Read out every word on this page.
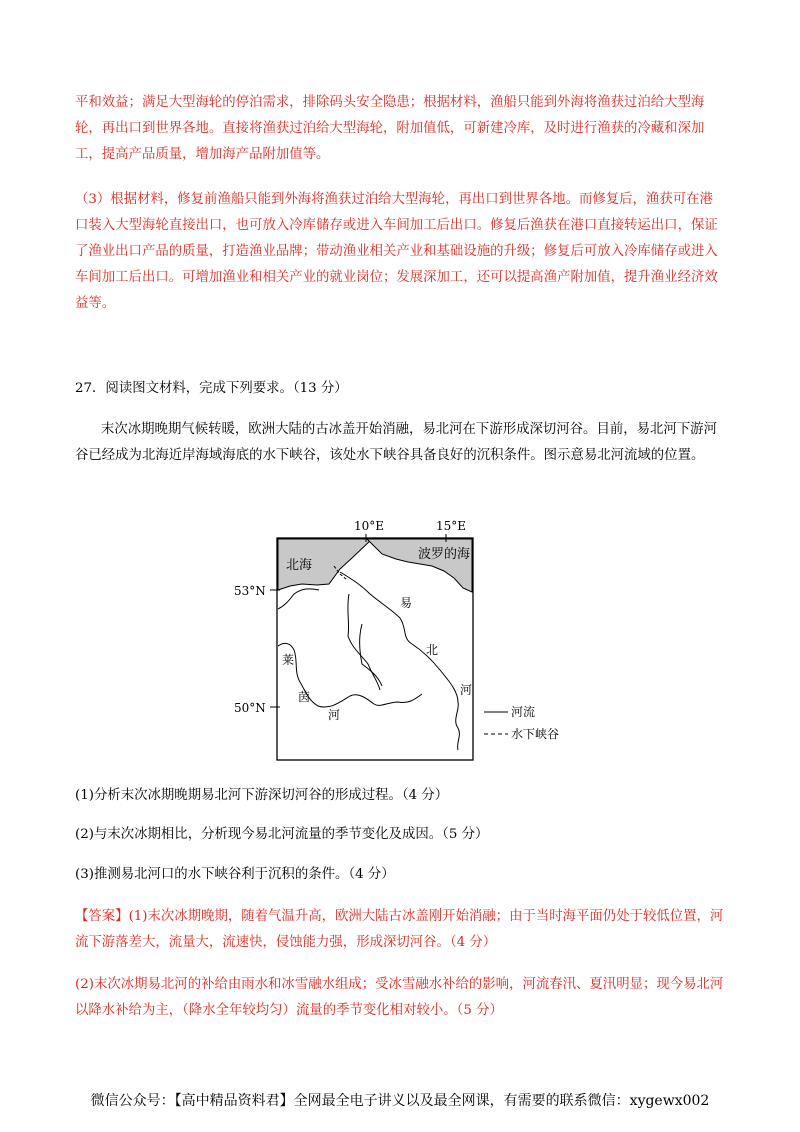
平和效益；满足大型海轮的停泊需求，排除码头安全隐患；根据材料，渔船只能到外海将渔获过泊给大型海轮，再出口到世界各地。直接将渔获过泊给大型海轮，附加值低，可新建冷库，及时进行渔获的冷藏和深加工，提高产品质量，增加海产品附加值等。

（3）根据材料，修复前渔船只能到外海将渔获过泊给大型海轮，再出口到世界各地。而修复后，渔获可在港口装入大型海轮直接出口，也可放入冷库储存或进入车间加工后出口。修复后渔获在港口直接转运出口，保证了渔业出口产品的质量，打造渔业品牌；带动渔业相关产业和基础设施的升级；修复后可放入冷库储存或进入车间加工后出口。可增加渔业和相关产业的就业岗位；发展深加工，还可以提高渔产附加值，提升渔业经济效益等。

27．阅读图文材料，完成下列要求。（13 分）

末次冰期晚期气候转暖，欧洲大陆的古冰盖开始消融，易北河在下游形成深切河谷。目前，易北河下游河谷已经成为北海近岸海域海底的水下峡谷，该处水下峡谷具备良好的沉积条件。图示意易北河流域的位置。

10°E	15°E
53°N
50°N
北海
波罗的海
易
北
河
莱
茵
河	河流
水下峡谷

(1)分析末次冰期晚期易北河下游深切河谷的形成过程。（4 分）

(2)与末次冰期相比，分析现今易北河流量的季节变化及成因。（5 分）

(3)推测易北河口的水下峡谷利于沉积的条件。（4 分）

【答案】(1)末次冰期晚期，随着气温升高，欧洲大陆古冰盖刚开始消融；由于当时海平面仍处于较低位置，河流下游落差大，流量大，流速快，侵蚀能力强，形成深切河谷。（4 分）

(2)末次冰期易北河的补给由雨水和冰雪融水组成；受冰雪融水补给的影响，河流春汛、夏汛明显；现今易北河以降水补给为主，（降水全年较均匀）流量的季节变化相对较小。（5 分）

微信公众号：【高中精品资料君】全网最全电子讲义以及最全网课，有需要的联系微信：xygewx002
